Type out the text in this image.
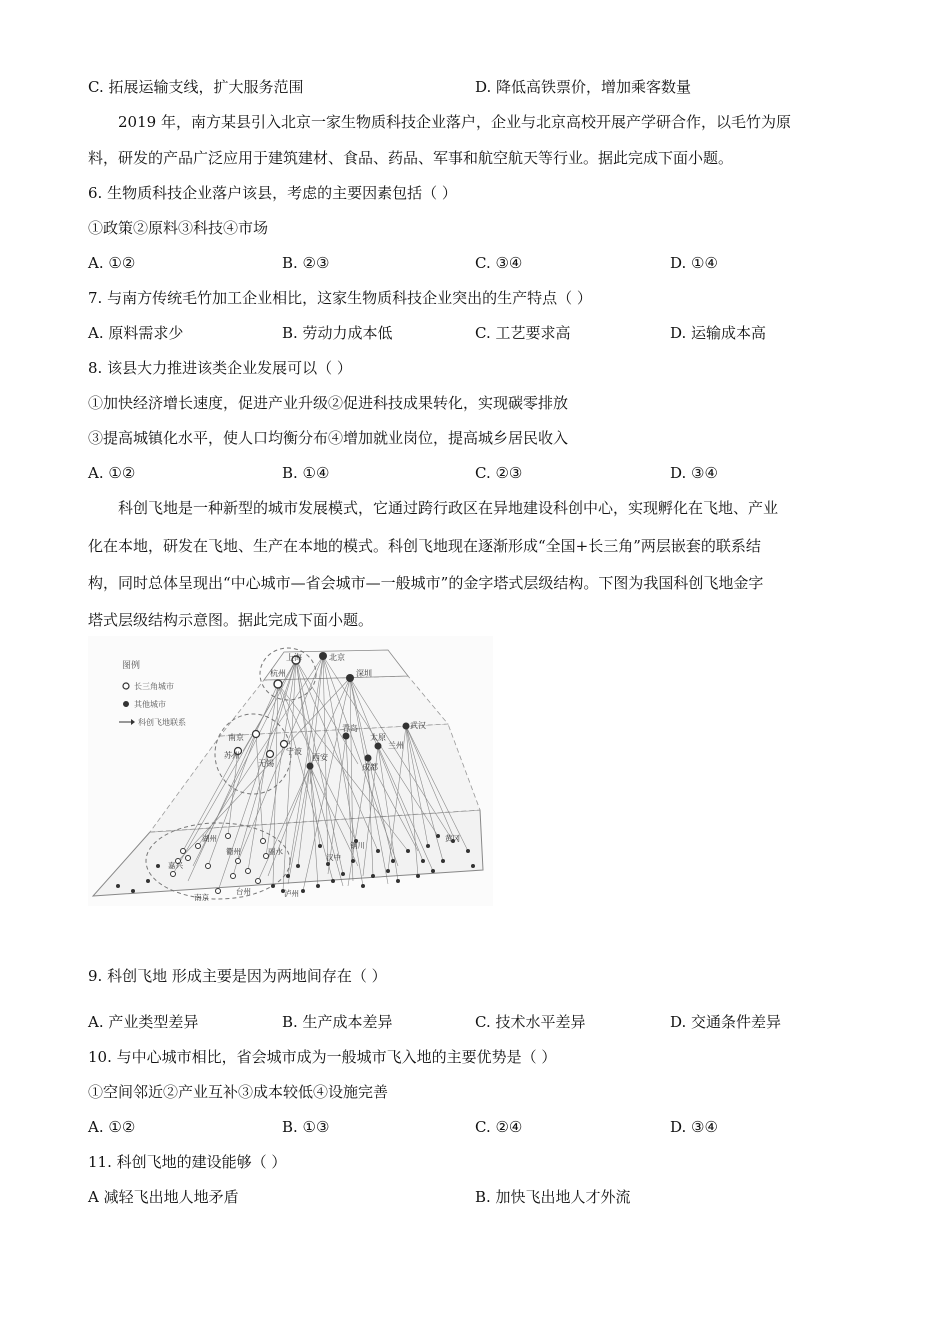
C. 拓展运输支线，扩大服务范围	D. 降低高铁票价，增加乘客数量
2019 年，南方某县引入北京一家生物质科技企业落户，企业与北京高校开展产学研合作，以毛竹为原
料，研发的产品广泛应用于建筑建材、食品、药品、军事和航空航天等行业。据此完成下面小题。
6. 生物质科技企业落户该县，考虑的主要因素包括（ ）
①政策②原料③科技④市场
A. ①②	B. ②③	C. ③④	D. ①④
7. 与南方传统毛竹加工企业相比，这家生物质科技企业突出的生产特点（ ）
A. 原料需求少	B. 劳动力成本低	C. 工艺要求高	D. 运输成本高
8. 该县大力推进该类企业发展可以（ ）
①加快经济增长速度，促进产业升级②促进科技成果转化，实现碳零排放
③提高城镇化水平，使人口均衡分布④增加就业岗位，提高城乡居民收入
A. ①②	B. ①④	C. ②③	D. ③④
科创飞地是一种新型的城市发展模式，它通过跨行政区在异地建设科创中心，实现孵化在飞地、产业
化在本地，研发在飞地、生产在本地的模式。科创飞地现在逐渐形成“全国+长三角”两层嵌套的联系结
构，同时总体呈现出“中心城市—省会城市—一般城市”的金字塔式层级结构。下图为我国科创飞地金字
塔式层级结构示意图。据此完成下面小题。
上海	北京
杭州	深圳
南京
苏州
无锡
宁波
青岛
太原
兰州
武汉
西安
成都
嘉兴
湖州
衢州	丽水
南京
台州
汉中
铜川
黄冈
泸州
图例
长三角城市
其他城市
科创飞地联系
9. 科创飞地 形成主要是因为两地间存在（ ）
A. 产业类型差异	B. 生产成本差异	C. 技术水平差异	D. 交通条件差异
10. 与中心城市相比，省会城市成为一般城市飞入地的主要优势是（ ）
①空间邻近②产业互补③成本较低④设施完善
A. ①②	B. ①③	C. ②④	D. ③④
11. 科创飞地的建设能够（ ）
A 减轻飞出地人地矛盾	B. 加快飞出地人才外流
